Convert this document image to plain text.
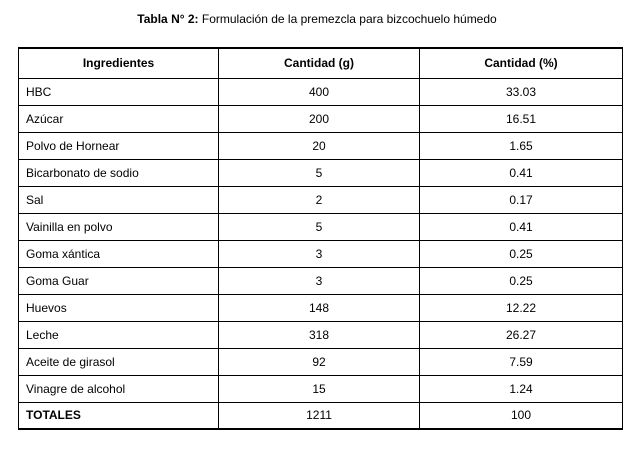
Tabla N° 2: Formulación de la premezcla para bizcochuelo húmedo
Ingredientes	Cantidad (g)	Cantidad (%)
HBC	400	33.03
Azúcar	200	16.51
Polvo de Hornear	20	1.65
Bicarbonato de sodio	5	0.41
Sal	2	0.17
Vainilla en polvo	5	0.41
Goma xántica	3	0.25
Goma Guar	3	0.25
Huevos	148	12.22
Leche	318	26.27
Aceite de girasol	92	7.59
Vinagre de alcohol	15	1.24
TOTALES	1211	100
